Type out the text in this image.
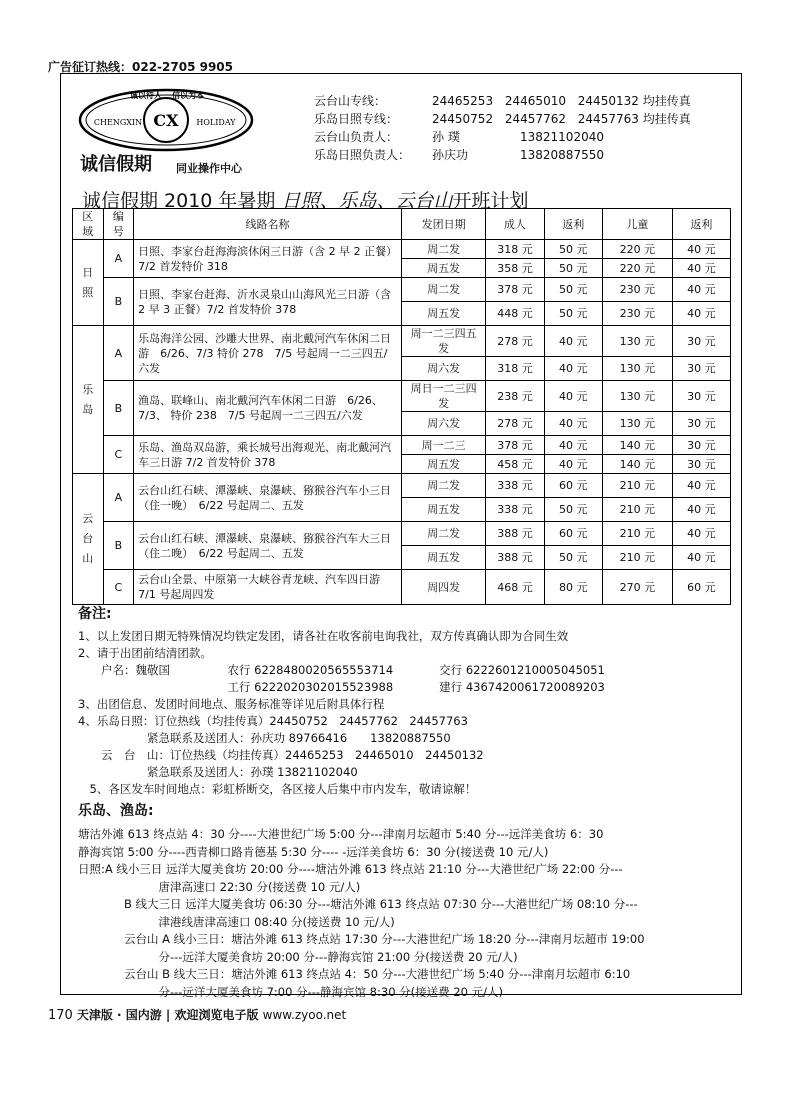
广告征订热线：022-2705 9905
CX
CHENGXIN	HOLIDAY
诚以待人 信以为本
诚信假期 同业操作中心
云台山专线：	24465253 24465010 24450132 均挂传真
乐岛日照专线：	24450752 24457762 24457763 均挂传真
云台山负责人：	孙 璞	13821102040
乐岛日照负责人： 孙庆功	13820887550
诚信假期 2010 年暑期 日照、乐岛、云台山开班计划
区域	编号	线路名称	发团日期	成人	返利	儿童	返利
日照	A	日照、李家台赶海海滨休闲三日游（含 2 早 2 正餐）7/2 首发特价 318	周二发	318 元	50 元	220 元	40 元
			周五发	358 元	50 元	220 元	40 元
	B	日照、李家台赶海、沂水灵泉山山海风光三日游（含 2 早 3 正餐）7/2 首发特价 378	周二发	378 元	50 元	230 元	40 元
			周五发	448 元	50 元	230 元	40 元
乐岛	A	乐岛海洋公园、沙雕大世界、南北戴河汽车休闲二日游　6/26、7/3 特价 278　7/5 号起周一二三四五/六发	周一二三四五发	278 元	40 元	130 元	30 元
			周六发	318 元	40 元	130 元	30 元
	B	渔岛、联峰山、南北戴河汽车休闲二日游　6/26、7/3、 特价 238　7/5 号起周一二三四五/六发	周日一二三四发	238 元	40 元	130 元	30 元
			周六发	278 元	40 元	130 元	30 元
	C	乐岛、渔岛双岛游，乘长城号出海观光、南北戴河汽车三日游 7/2 首发特价 378	周一二三	378 元	40 元	140 元	30 元
			周五发	458 元	40 元	140 元	30 元
云台山	A	云台山红石峡、潭瀑峡、泉瀑峡、猕猴谷汽车小三日　（住一晚）　6/22 号起周二、五发	周二发	338 元	60 元	210 元	40 元
			周五发	338 元	50 元	210 元	40 元
	B	云台山红石峡、潭瀑峡、泉瀑峡、猕猴谷汽车大三日　（住二晚）　6/22 号起周二、五发	周二发	388 元	60 元	210 元	40 元
			周五发	388 元	50 元	210 元	40 元
	C	云台山全景、中原第一大峡谷青龙峡、汽车四日游 7/1 号起周四发	周四发	468 元	80 元	270 元	60 元
备注:
1、以上发团日期无特殊情况均铁定发团，请各社在收客前电询我社，双方传真确认即为合同生效
2、请于出团前结清团款。
　　户名：魏敬国　　　　　农行 6228480020565553714　　　　交行 6222601210005045051
　　　　　　　　　　　　　工行 6222020302015523988　　　　建行 4367420061720089203
3、出团信息、发团时间地点、服务标准等详见后附具体行程
4、乐岛日照：订位热线（均挂传真）24450752　24457762　24457763
　　　　　　紧急联系及送团人：孙庆功 89766416　　13820887550
　　云　台　山：订位热线（均挂传真）24465253　24465010　24450132
　　　　　　紧急联系及送团人：孙璞 13821102040
　5、各区发车时间地点：彩虹桥断交，各区接人后集中市内发车，敬请谅解！
乐岛、渔岛:
塘沽外滩 613 终点站 4：30 分----大港世纪广场 5:00 分---津南月坛超市 5:40 分---远洋美食坊 6：30
静海宾馆 5:00 分----西青柳口路肯德基 5:30 分---- -远洋美食坊 6：30 分(接送费 10 元/人)
日照:A 线小三日 远洋大厦美食坊 20:00 分----塘沽外滩 613 终点站 21:10 分---大港世纪广场 22:00 分---
　　　　　　　唐津高速口 22:30 分(接送费 10 元/人)
　　　　B 线大三日 远洋大厦美食坊 06:30 分---塘沽外滩 613 终点站 07:30 分---大港世纪广场 08:10 分---
　　　　　　　津港线唐津高速口 08:40 分(接送费 10 元/人)
　　　　云台山 A 线小三日：塘沽外滩 613 终点站 17:30 分---大港世纪广场 18:20 分---津南月坛超市 19:00
　　　　　　　分---远洋大厦美食坊 20:00 分---静海宾馆 21:00 分(接送费 20 元/人)
　　　　云台山 B 线大三日：塘沽外滩 613 终点站 4：50 分---大港世纪广场 5:40 分---津南月坛超市 6:10
　　　　　　　分---远洋大厦美食坊 7:00 分---静海宾馆 8:30 分(接送费 20 元/人)
170 天津版 · 国内游 | 欢迎浏览电子版 www.zyoo.net
